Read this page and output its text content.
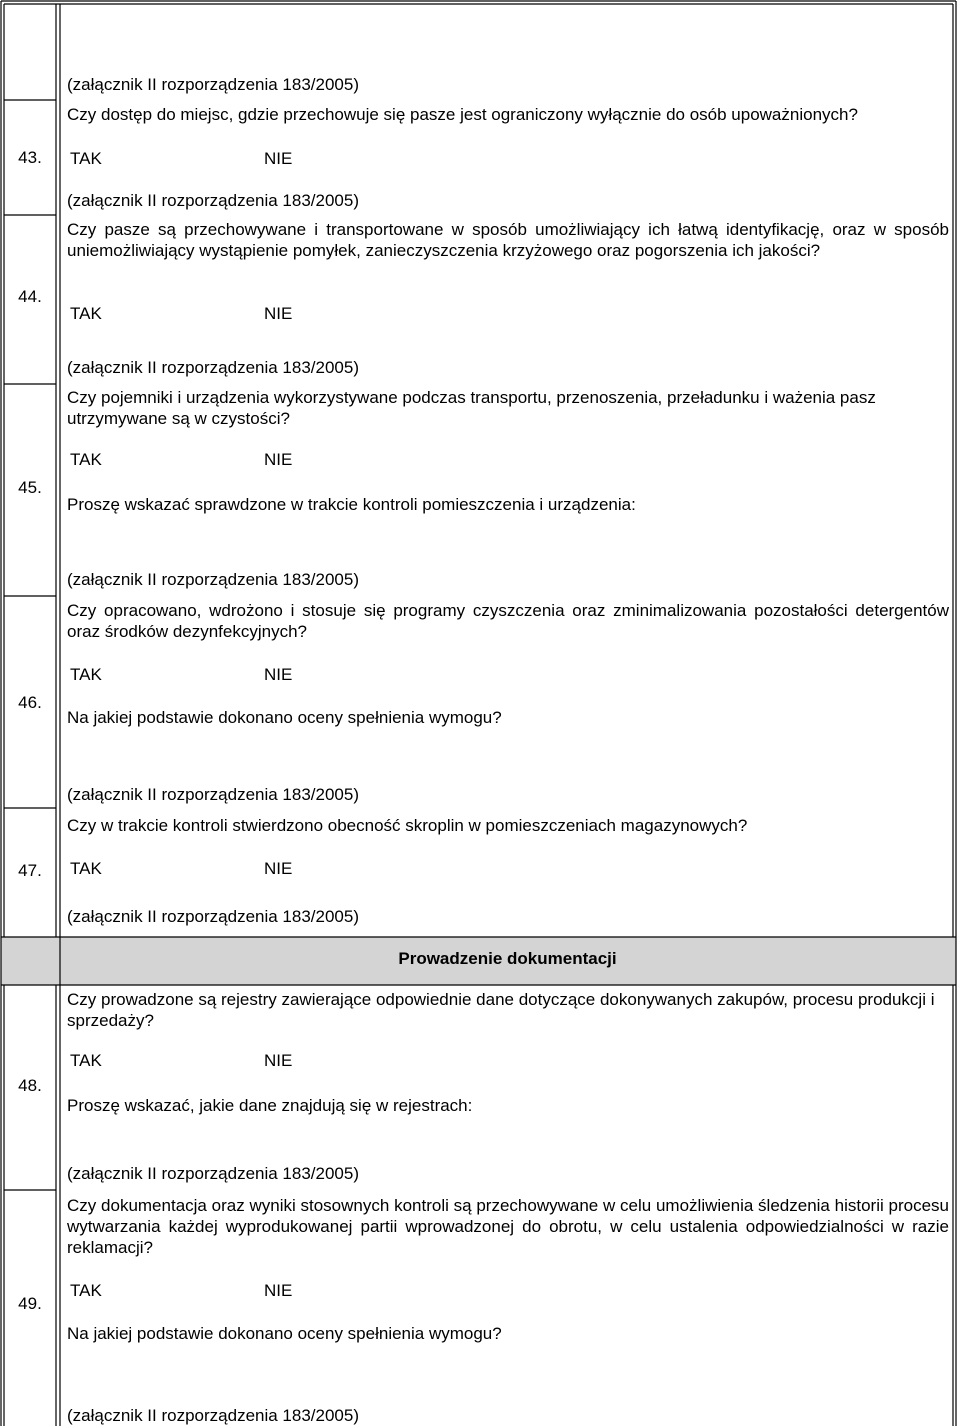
(załącznik II rozporządzenia 183/2005)
43.
Czy dostęp do miejsc, gdzie przechowuje się pasze jest ograniczony wyłącznie do osób upoważnionych?
TAK	NIE
(załącznik II rozporządzenia 183/2005)
44.
Czy pasze są przechowywane i transportowane w sposób umożliwiający ich łatwą identyfikację, oraz w sposób uniemożliwiający wystąpienie pomyłek, zanieczyszczenia krzyżowego oraz pogorszenia ich jakości?
TAK	NIE
(załącznik II rozporządzenia 183/2005)
45.
Czy pojemniki i urządzenia wykorzystywane podczas transportu, przenoszenia, przeładunku i ważenia pasz utrzymywane są w czystości?
TAK	NIE
Proszę wskazać sprawdzone w trakcie kontroli pomieszczenia i urządzenia:
(załącznik II rozporządzenia 183/2005)
46.
Czy opracowano, wdrożono i stosuje się programy czyszczenia oraz zminimalizowania pozostałości detergentów oraz środków dezynfekcyjnych?
TAK	NIE
Na jakiej podstawie dokonano oceny spełnienia wymogu?
(załącznik II rozporządzenia 183/2005)
47.
Czy w trakcie kontroli stwierdzono obecność skroplin w pomieszczeniach magazynowych?
TAK	NIE
(załącznik II rozporządzenia 183/2005)
Prowadzenie dokumentacji
48.
Czy prowadzone są rejestry zawierające odpowiednie dane dotyczące dokonywanych zakupów, procesu produkcji i sprzedaży?
TAK	NIE
Proszę wskazać, jakie dane znajdują się w rejestrach:
(załącznik II rozporządzenia 183/2005)
49.
Czy dokumentacja oraz wyniki stosownych kontroli są przechowywane w celu umożliwienia śledzenia historii procesu wytwarzania każdej wyprodukowanej partii wprowadzonej do obrotu, w celu ustalenia odpowiedzialności w razie reklamacji?
TAK	NIE
Na jakiej podstawie dokonano oceny spełnienia wymogu?
(załącznik II rozporządzenia 183/2005)
